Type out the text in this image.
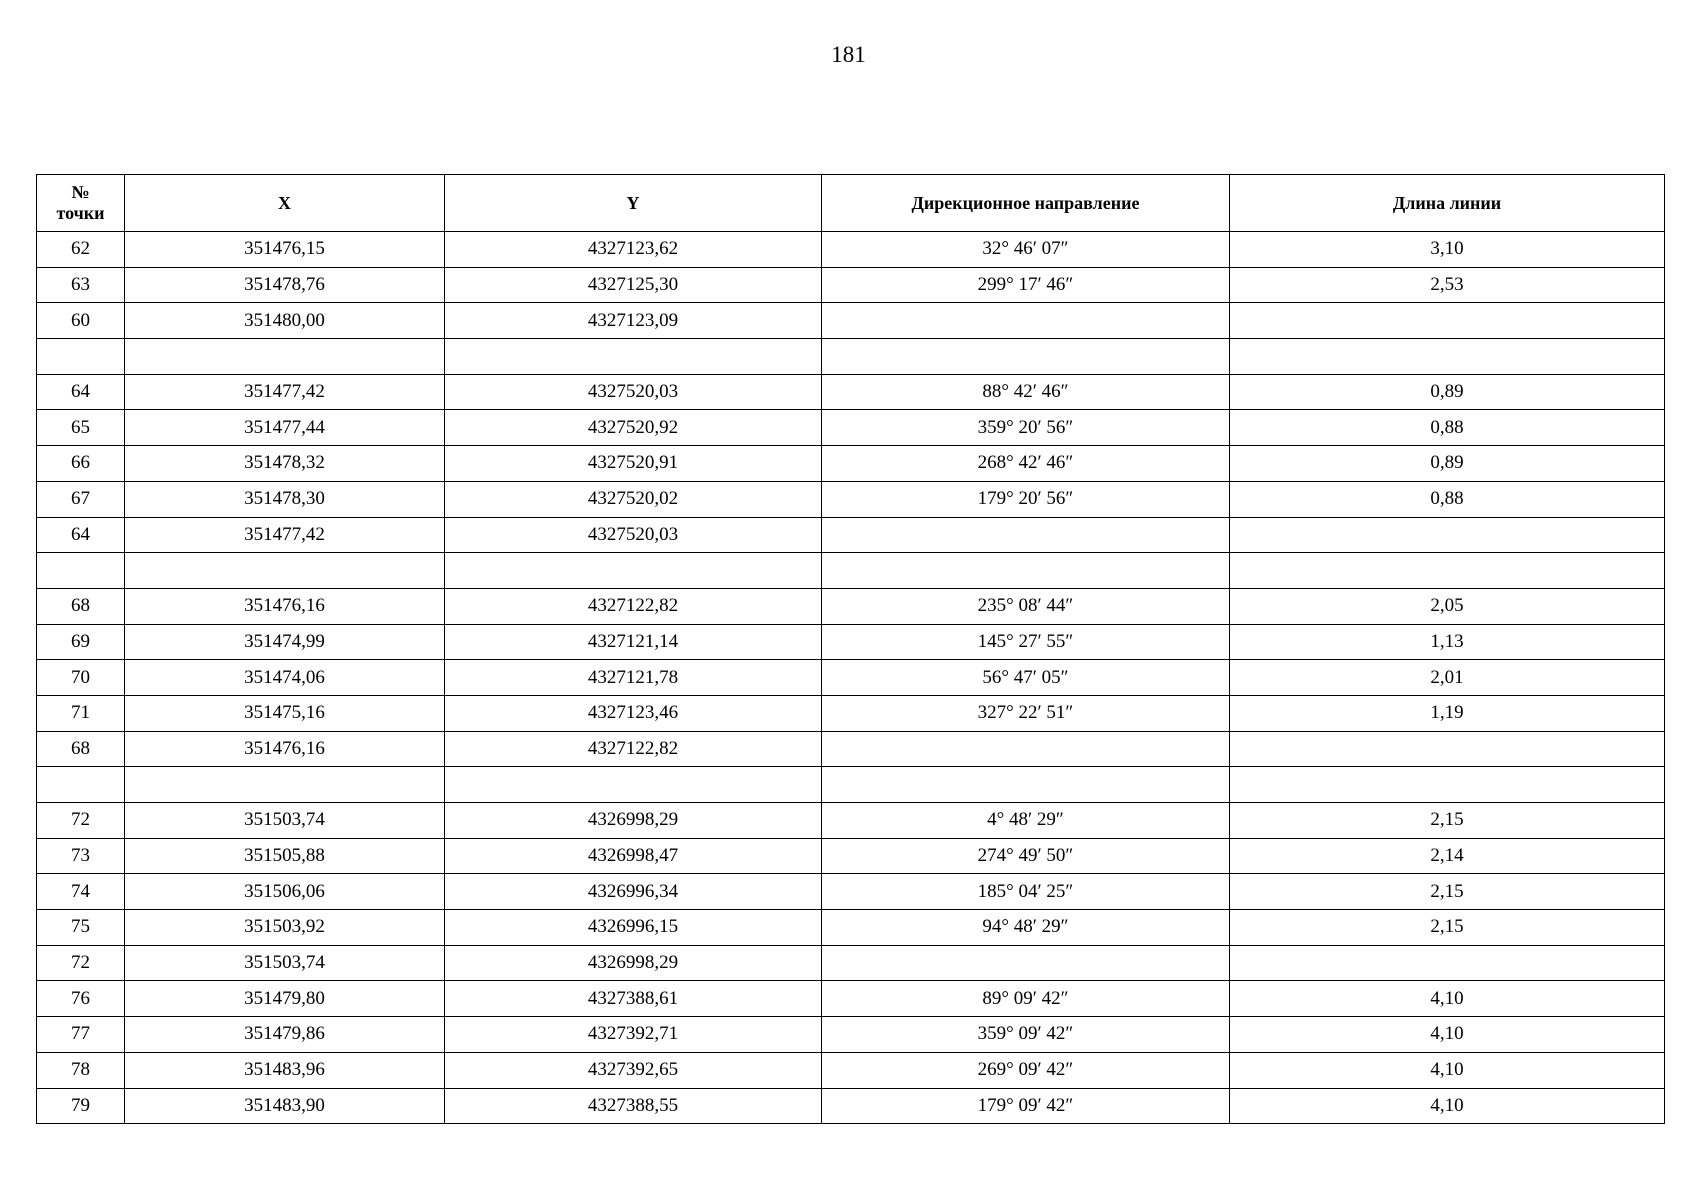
181
№
точки	X	Y	Дирекционное направление	Длина линии
62	351476,15	4327123,62	32° 46′ 07″	3,10
63	351478,76	4327125,30	299° 17′ 46″	2,53
60	351480,00	4327123,09		

64	351477,42	4327520,03	88° 42′ 46″	0,89
65	351477,44	4327520,92	359° 20′ 56″	0,88
66	351478,32	4327520,91	268° 42′ 46″	0,89
67	351478,30	4327520,02	179° 20′ 56″	0,88
64	351477,42	4327520,03		

68	351476,16	4327122,82	235° 08′ 44″	2,05
69	351474,99	4327121,14	145° 27′ 55″	1,13
70	351474,06	4327121,78	56° 47′ 05″	2,01
71	351475,16	4327123,46	327° 22′ 51″	1,19
68	351476,16	4327122,82		

72	351503,74	4326998,29	4° 48′ 29″	2,15
73	351505,88	4326998,47	274° 49′ 50″	2,14
74	351506,06	4326996,34	185° 04′ 25″	2,15
75	351503,92	4326996,15	94° 48′ 29″	2,15
72	351503,74	4326998,29		
76	351479,80	4327388,61	89° 09′ 42″	4,10
77	351479,86	4327392,71	359° 09′ 42″	4,10
78	351483,96	4327392,65	269° 09′ 42″	4,10
79	351483,90	4327388,55	179° 09′ 42″	4,10
